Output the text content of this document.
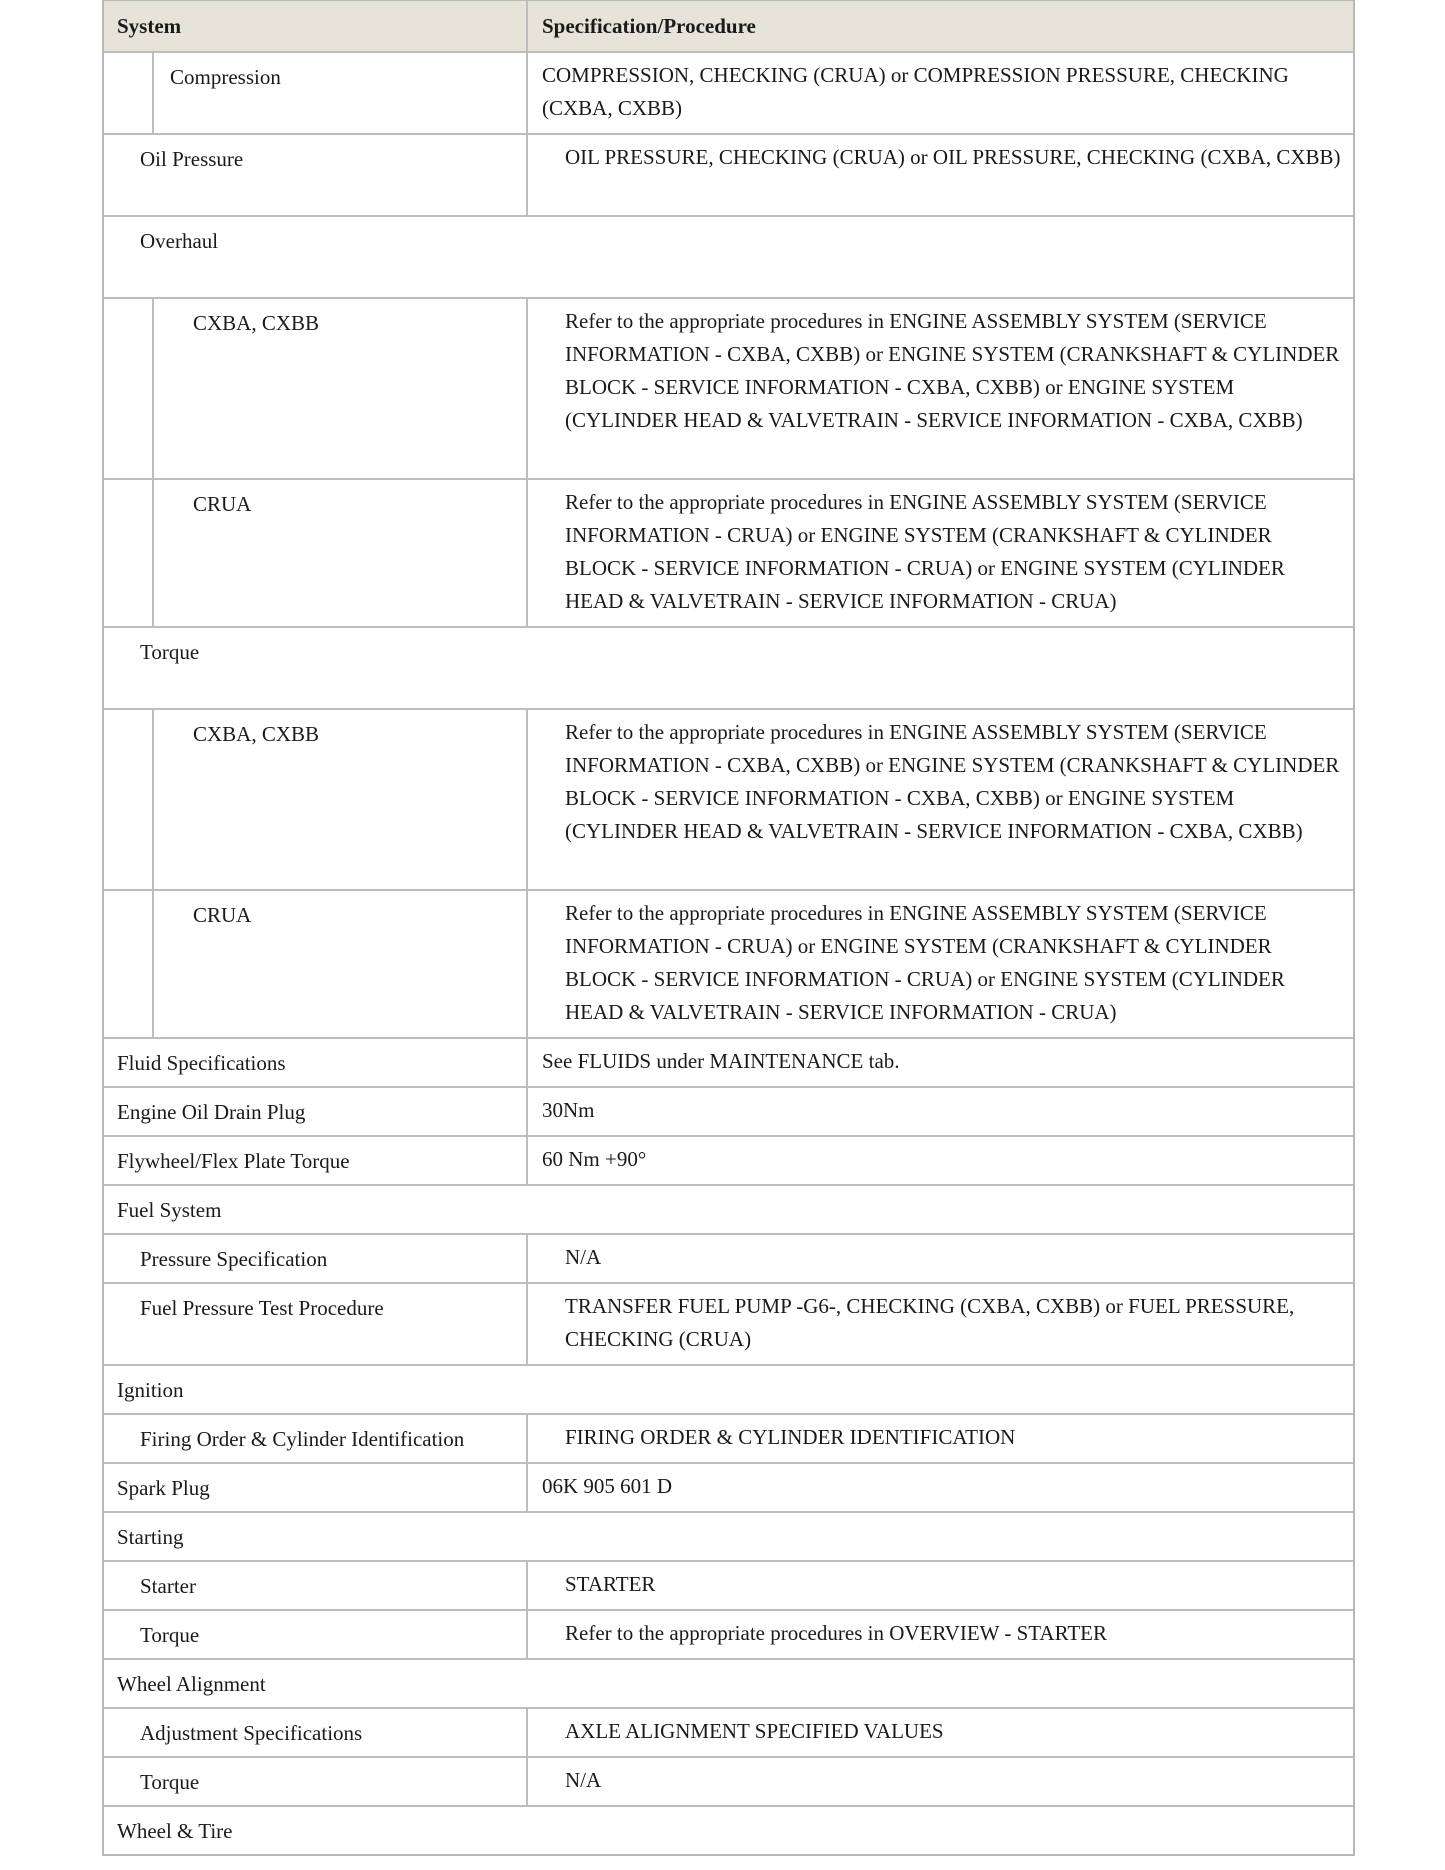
System	Specification/Procedure
Compression	COMPRESSION, CHECKING (CRUA) or COMPRESSION PRESSURE, CHECKING (CXBA, CXBB)
Oil Pressure	OIL PRESSURE, CHECKING (CRUA) or OIL PRESSURE, CHECKING (CXBA, CXBB)
Overhaul
CXBA, CXBB	Refer to the appropriate procedures in ENGINE ASSEMBLY SYSTEM (SERVICE INFORMATION - CXBA, CXBB) or ENGINE SYSTEM (CRANKSHAFT & CYLINDER BLOCK - SERVICE INFORMATION - CXBA, CXBB) or ENGINE SYSTEM (CYLINDER HEAD & VALVETRAIN - SERVICE INFORMATION - CXBA, CXBB)
CRUA	Refer to the appropriate procedures in ENGINE ASSEMBLY SYSTEM (SERVICE INFORMATION - CRUA) or ENGINE SYSTEM (CRANKSHAFT & CYLINDER BLOCK - SERVICE INFORMATION - CRUA) or ENGINE SYSTEM (CYLINDER HEAD & VALVETRAIN - SERVICE INFORMATION - CRUA)
Torque
CXBA, CXBB	Refer to the appropriate procedures in ENGINE ASSEMBLY SYSTEM (SERVICE INFORMATION - CXBA, CXBB) or ENGINE SYSTEM (CRANKSHAFT & CYLINDER BLOCK - SERVICE INFORMATION - CXBA, CXBB) or ENGINE SYSTEM (CYLINDER HEAD & VALVETRAIN - SERVICE INFORMATION - CXBA, CXBB)
CRUA	Refer to the appropriate procedures in ENGINE ASSEMBLY SYSTEM (SERVICE INFORMATION - CRUA) or ENGINE SYSTEM (CRANKSHAFT & CYLINDER BLOCK - SERVICE INFORMATION - CRUA) or ENGINE SYSTEM (CYLINDER HEAD & VALVETRAIN - SERVICE INFORMATION - CRUA)
Fluid Specifications	See FLUIDS under MAINTENANCE tab.
Engine Oil Drain Plug	30Nm
Flywheel/Flex Plate Torque	60 Nm +90°
Fuel System
Pressure Specification	N/A
Fuel Pressure Test Procedure	TRANSFER FUEL PUMP -G6-, CHECKING (CXBA, CXBB) or FUEL PRESSURE, CHECKING (CRUA)
Ignition
Firing Order & Cylinder Identification	FIRING ORDER & CYLINDER IDENTIFICATION
Spark Plug	06K 905 601 D
Starting
Starter	STARTER
Torque	Refer to the appropriate procedures in OVERVIEW - STARTER
Wheel Alignment
Adjustment Specifications	AXLE ALIGNMENT SPECIFIED VALUES
Torque	N/A
Wheel & Tire
